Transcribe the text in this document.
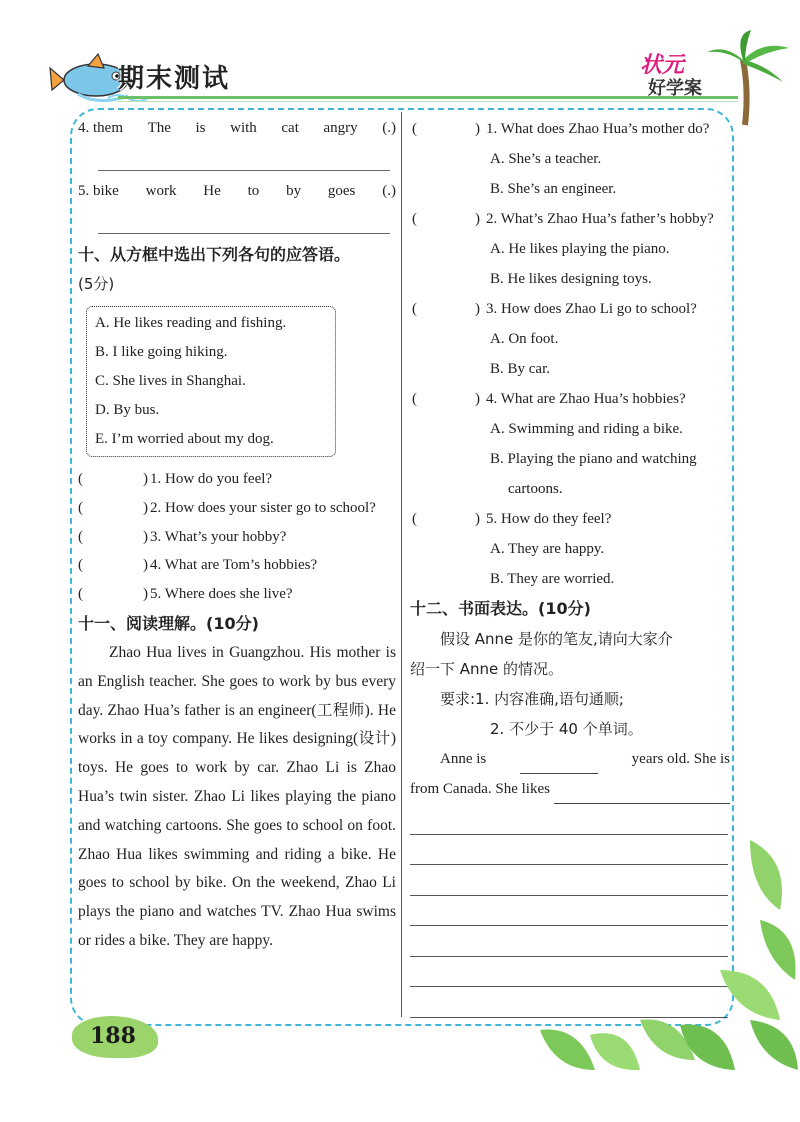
期末测试	状元
好学案
4. them The is with cat angry (.)
5. bike work He to by goes (.)
十、从方框中选出下列各句的应答语。
(5分)
A. He likes reading and fishing.
B. I like going hiking.
C. She lives in Shanghai.
D. By bus.
E. I’m worried about my dog.
(	) 1. How do you feel?
(	) 2. How does your sister go to school?
(	) 3. What’s your hobby?
(	) 4. What are Tom’s hobbies?
(	) 5. Where does she live?
十一、阅读理解。(10分)
Zhao Hua lives in Guangzhou. His mother is an English teacher. She goes to work by bus every day. Zhao Hua’s father is an engineer(工程师). He works in a toy company. He likes designing(设计) toys. He goes to work by car. Zhao Li is Zhao Hua’s twin sister. Zhao Li likes playing the piano and watching cartoons. She goes to school on foot. Zhao Hua likes swimming and riding a bike. He goes to school by bike. On the weekend, Zhao Li plays the piano and watches TV. Zhao Hua swims or rides a bike. They are happy.
(	) 1. What does Zhao Hua’s mother do?
A. She’s a teacher.
B. She’s an engineer.
(	) 2. What’s Zhao Hua’s father’s hobby?
A. He likes playing the piano.
B. He likes designing toys.
(	) 3. How does Zhao Li go to school?
A. On foot.
B. By car.
(	) 4. What are Zhao Hua’s hobbies?
A. Swimming and riding a bike.
B. Playing the piano and watching
cartoons.
(	) 5. How do they feel?
A. They are happy.
B. They are worried.
十二、书面表达。(10分)
假设 Anne 是你的笔友,请向大家介
绍一下 Anne 的情况。
要求:1. 内容准确,语句通顺;
2. 不少于 40 个单词。
Anne is	years old. She is
from Canada. She likes
188
